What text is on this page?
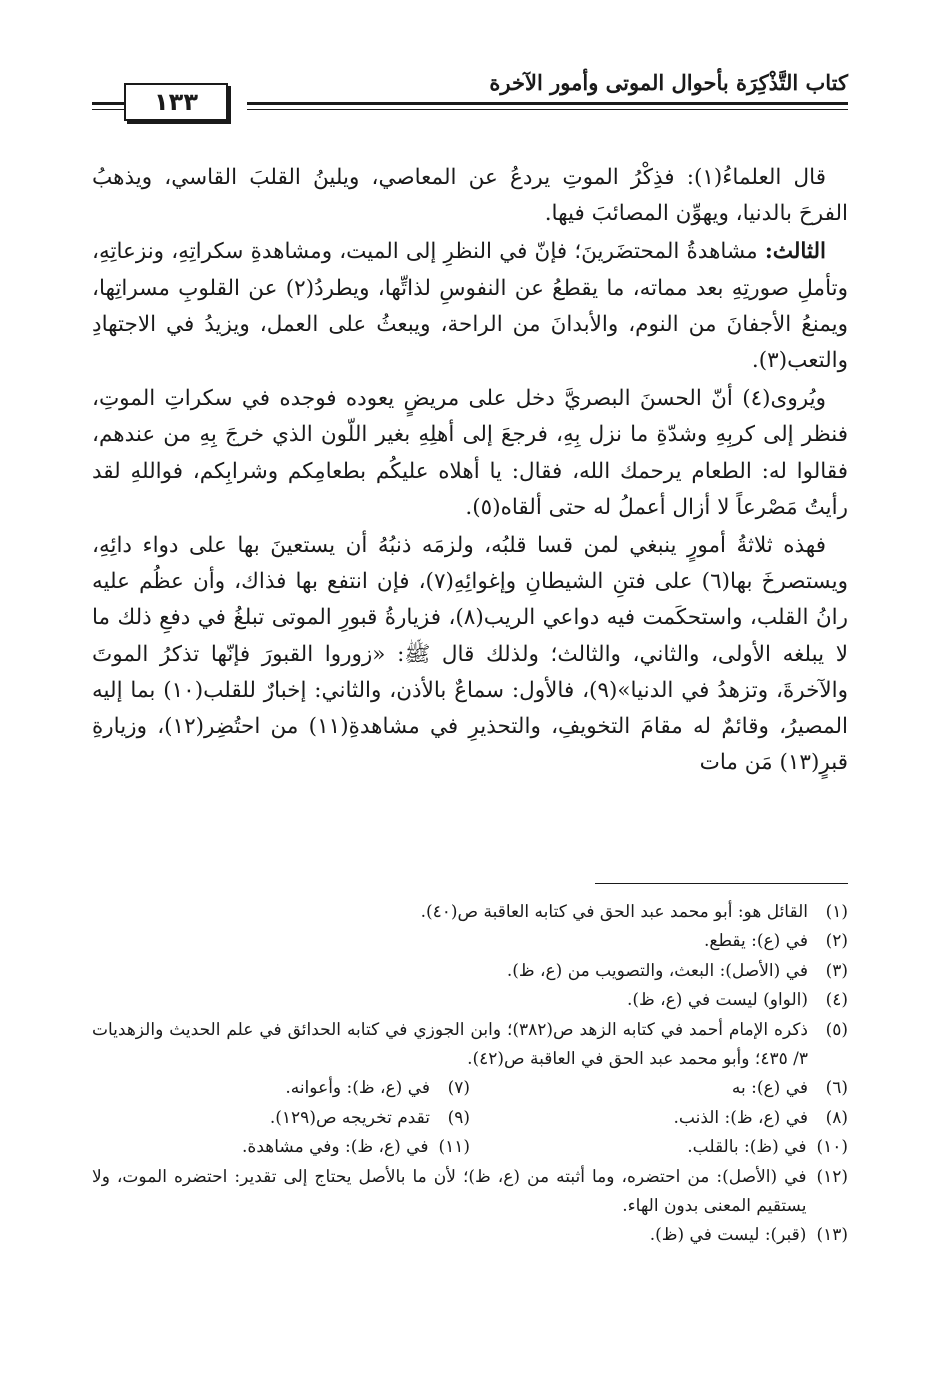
كتاب التَّذْكِرَة بأحوال الموتى وأمور الآخرة
١٣٣

قال العلماءُ(١): فذِكْرُ الموتِ يردعُ عن المعاصي، ويلينُ القلبَ القاسي، ويذهبُ الفرحَ بالدنيا، ويهوِّن المصائبَ فيها.

الثالث: مشاهدةُ المحتضَرينَ؛ فإنّ في النظرِ إلى الميت، ومشاهدةِ سكراتِهِ، ونزعاتِهِ، وتأملِ صورتِهِ بعد مماته، ما يقطعُ عن النفوسِ لذاتِّها، ويطردُ(٢) عن القلوبِ مسراتِها، ويمنعُ الأجفانَ من النوم، والأبدانَ من الراحة، ويبعثُ على العمل، ويزيدُ في الاجتهادِ والتعب(٣).

ويُروى(٤) أنّ الحسنَ البصريَّ دخل على مريضٍ يعوده فوجده في سكراتِ الموتِ، فنظر إلى كربِهِ وشدّةِ ما نزل بِهِ، فرجعَ إلى أهلِهِ بغير اللّون الذي خرجَ بِهِ من عندهم، فقالوا له: الطعام يرحمك الله، فقال: يا أهلاه عليكُم بطعامِكم وشرابِكم، فواللهِ لقد رأيتُ مَصْرعاً لا أزال أعملُ له حتى ألقاه(٥).

فهذه ثلاثةُ أمورٍ ينبغي لمن قسا قلبُه، ولزمَه ذنبُهُ أن يستعينَ بها على دواء دائِهِ، ويستصرخَ بها(٦) على فتنِ الشيطانِ وإغوائِهِ(٧)، فإن انتفع بها فذاك، وأن عظُم عليه رانُ القلب، واستحكَمت فيه دواعي الريب(٨)، فزيارةُ قبورِ الموتى تبلغُ في دفعِ ذلك ما لا يبلغه الأولى، والثاني، والثالث؛ ولذلك قال ﷺ: «زوروا القبورَ فإنّها تذكرُ الموتَ والآخرةَ، وتزهدُ في الدنيا»(٩)، فالأول: سماعٌ بالأذن، والثاني: إخبارٌ للقلب(١٠) بما إليه المصيرُ، وقائمٌ له مقامَ التخويفِ، والتحذيرِ في مشاهدةِ(١١) من احتُضِر(١٢)، وزيارةِ قبرٍ(١٣) مَن مات

(١)
القائل هو: أبو محمد عبد الحق في كتابه العاقبة ص(٤٠).
(٢)
في (ع): يقطع.
(٣)
في (الأصل): البعث، والتصويب من (ع، ظ).
(٤)
(الواو) ليست في (ع، ظ).
(٥)
ذكره الإمام أحمد في كتابه الزهد ص(٣٨٢)؛ وابن الجوزي في كتابه الحدائق في علم الحديث والزهديات ٣/ ٤٣٥؛ وأبو محمد عبد الحق في العاقبة ص(٤٢).
(٦)
في (ع): به
(٧)
في (ع، ظ): وأعوانه.
(٨)
في (ع، ظ): الذنب.
(٩)
تقدم تخريجه ص(١٢٩).
(١٠)
في (ظ): بالقلب.
(١١)
في (ع، ظ): وفي مشاهدة.
(١٢)
في (الأصل): من احتضره، وما أثبته من (ع، ظ)؛ لأن ما بالأصل يحتاج إلى تقدير: احتضره الموت، ولا يستقيم المعنى بدون الهاء.
(١٣)
(قبر): ليست في (ظ).
